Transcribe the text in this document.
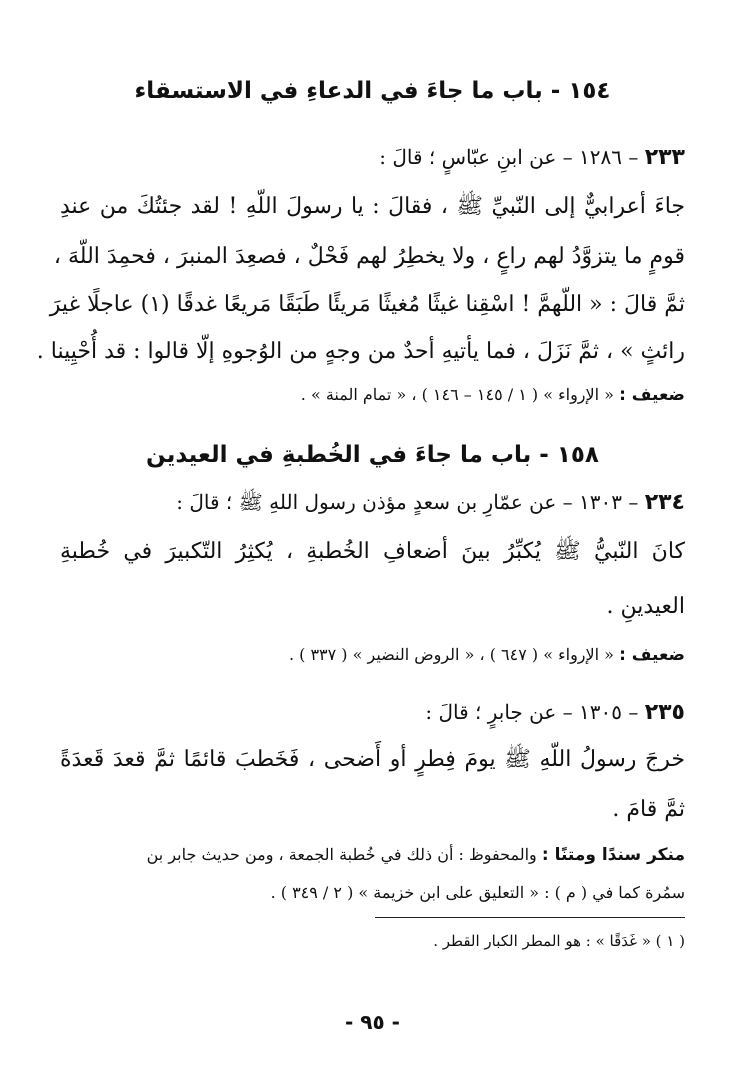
١٥٤ - باب ما جاءَ في الدعاءِ في الاستسقاء
٢٣٣ – ١٢٨٦ – عن ابنِ عبّاسٍ ؛ قالَ :
جاءَ أعرابيٌّ إلى النّبيِّ ﷺ ، فقالَ : يا رسولَ اللّهِ ! لقد جئتُكَ من عندِ
قومٍ ما يتزوَّدُ لهم راعٍ ، ولا يخطِرُ لهم فَحْلٌ ، فصعِدَ المنبرَ ، فحمِدَ اللّهَ ،
ثمَّ قالَ : « اللّهمَّ ! اسْقِنا غيثًا مُغيثًا مَريئًا طَبَقًا مَريعًا غدقًا (١) عاجلًا غيرَ
رائثٍ » ، ثمَّ نَزَلَ ، فما يأتيهِ أحدٌ من وجهٍ من الوُجوهِ إلّا قالوا : قد أُحْيِينا .
ضعيف : « الإرواء » ( ١ / ١٤٥ – ١٤٦ ) ، « تمام المنة » .
١٥٨ - باب ما جاءَ في الخُطبةِ في العيدين
٢٣٤ – ١٣٠٣ – عن عمّارِ بن سعدٍ مؤذن رسول اللهِ ﷺ ؛ قالَ :
كانَ النّبيُّ ﷺ يُكبِّرُ بينَ أضعافِ الخُطبةِ ، يُكثِرُ التّكبيرَ في خُطبةِ
العيدينِ .
ضعيف : « الإرواء » ( ٦٤٧ ) ، « الروض النضير » ( ٣٣٧ ) .
٢٣٥ – ١٣٠٥ – عن جابرٍ ؛ قالَ :
خرجَ رسولُ اللّهِ ﷺ يومَ فِطرٍ أو أَضحى ، فَخَطبَ قائمًا ثمَّ قعدَ قَعدَةً
ثمَّ قامَ .
منكر سندًا ومتنًا : والمحفوظ : أن ذلك في خُطبة الجمعة ، ومن حديث جابر بن
سمُرة كما في ( م ) : « التعليق على ابن خزيمة » ( ٢ / ٣٤٩ ) .
( ١ ) « غَدَقًا » : هو المطر الكبار القطر .
- ٩٥ -
